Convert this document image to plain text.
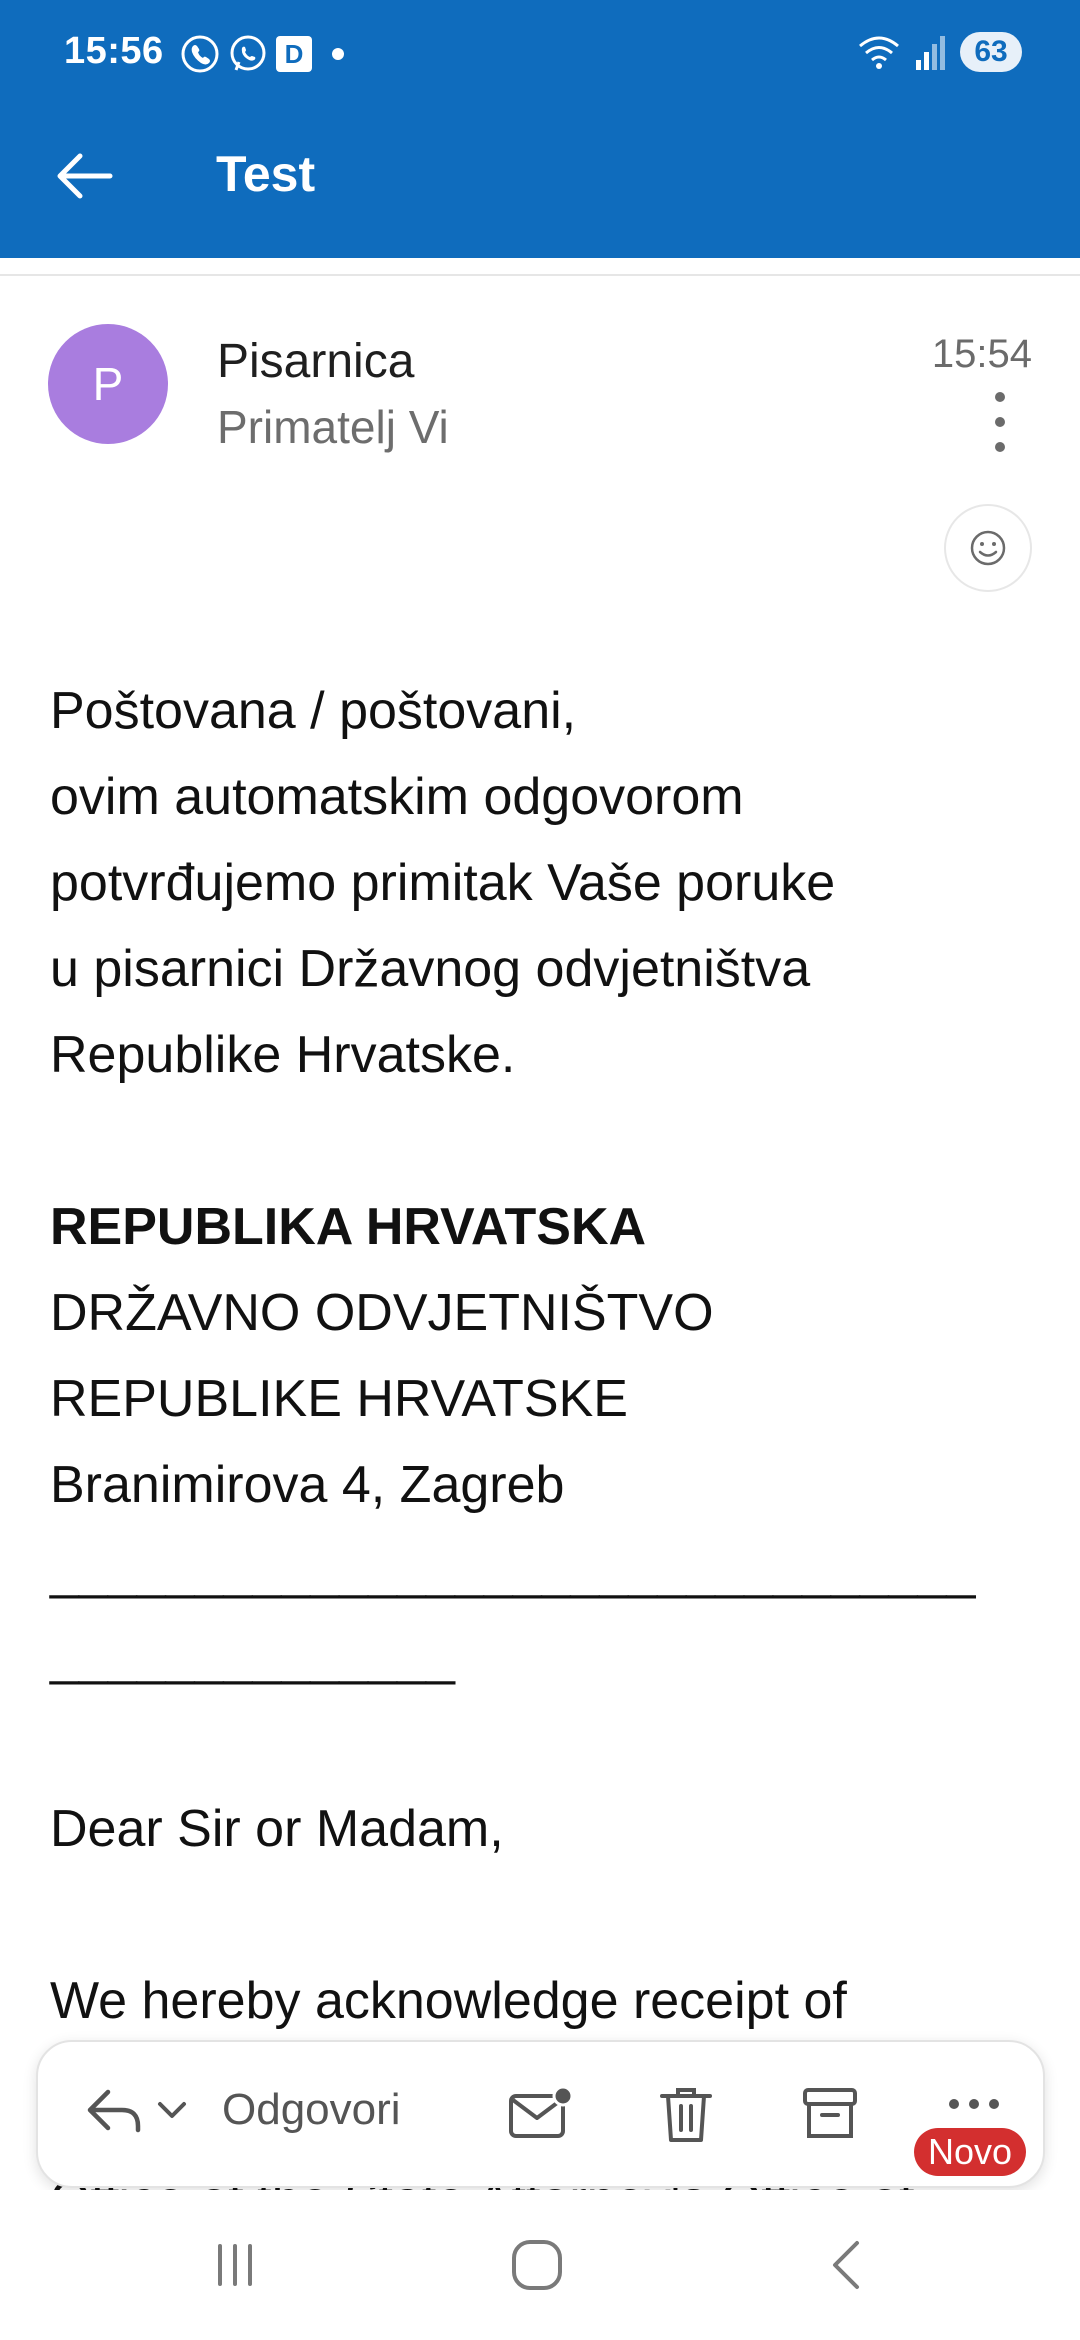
15:56	D	63
Test
P	Pisarnica
Primatelj Vi
15:54

Poštovana / poštovani,

ovim automatskim odgovorom

potvrđujemo primitak Vaše poruke

u pisarnici Državnog odvjetništva

Republike Hrvatske.

REPUBLIKA HRVATSKA

DRŽAVNO ODVJETNIŠTVO

REPUBLIKE HRVATSKE

Branimirova 4, Zagreb

________________________________

______________

Dear Sir or Madam,

We hereby acknowledge receipt of

Odgovori
Novo
